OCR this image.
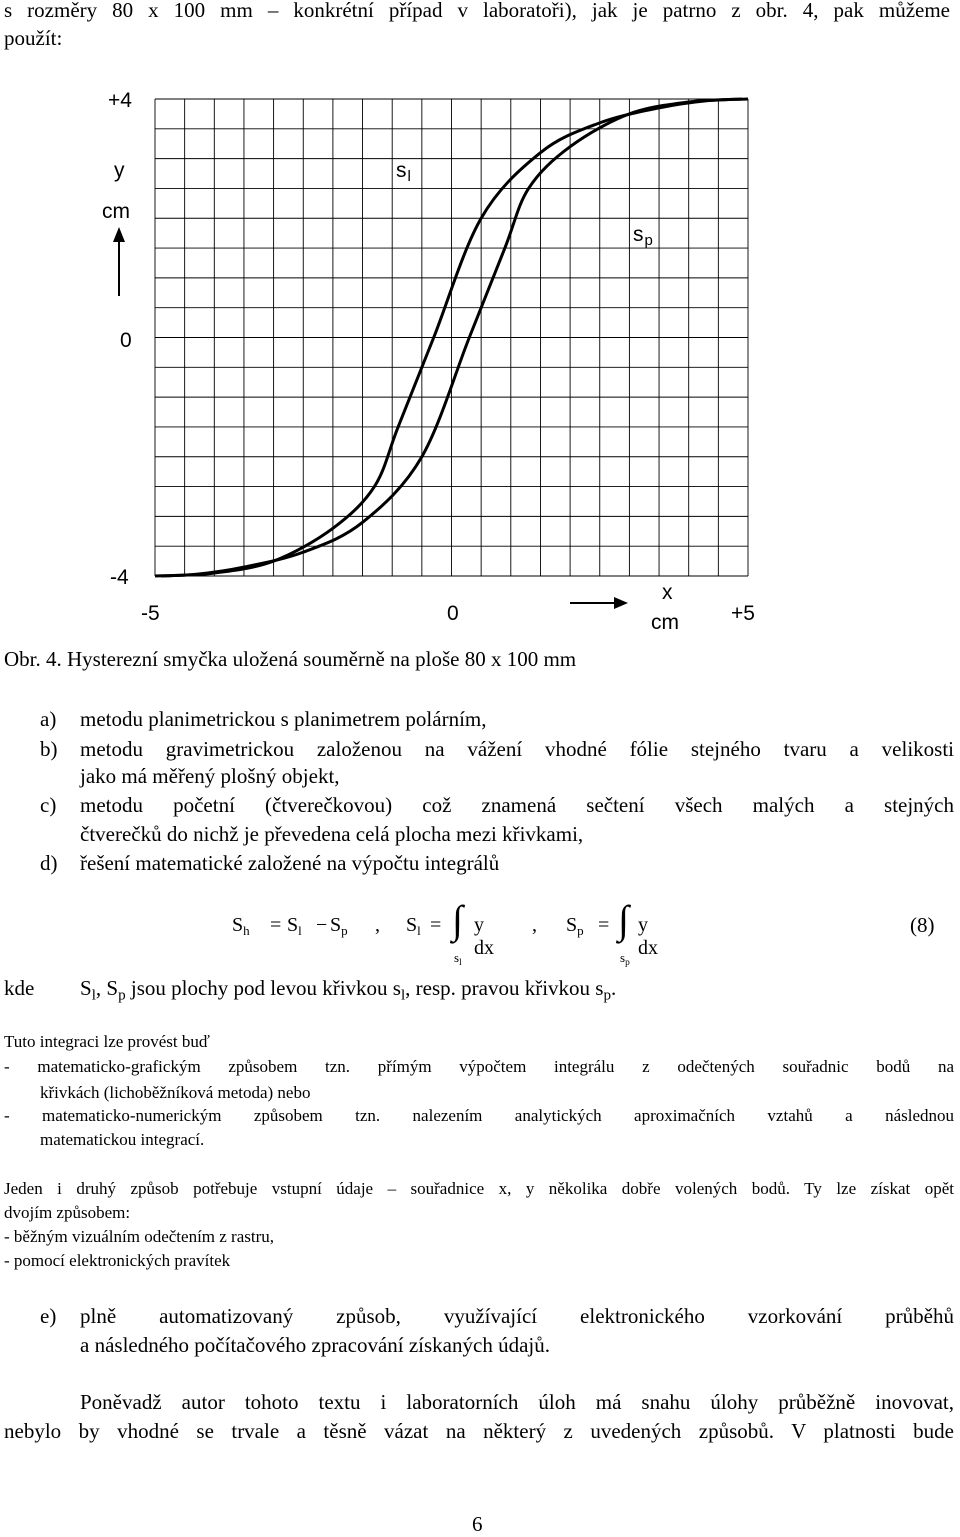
s rozměry 80 x 100 mm – konkrétní případ v laboratoři), jak je patrno z obr. 4, pak můžeme
použít:
+4
0
-4
-5	0	+5
y
cm
x
cm
sl
sp
Obr. 4. Hysterezní smyčka uložená souměrně na ploše 80 x 100 mm
a) metodu planimetrickou s planimetrem polárním,
b) metodu gravimetrickou založenou na vážení vhodné fólie stejného tvaru a velikosti
jako má měřený plošný objekt,
c) metodu početní (čtverečkovou) což znamená sečtení všech malých a stejných
čtverečků do nichž je převedena celá plocha mezi křivkami,
d) řešení matematické založené na výpočtu integrálů
$S_h = S_l - S_p$ , $S_l$ = ∫
$s_l$
y dx
, $S_p$ = ∫
$s_p$
y dx
(8)
kde $S_l$, $S_p$ jsou plochy pod levou křivkou $s_l$, resp. pravou křivkou $s_p$.
Tuto integraci lze provést buď
- matematicko-grafickým způsobem tzn. přímým výpočtem integrálu z odečtených souřadnic bodů na
křivkách (lichoběžníková metoda) nebo
- matematicko-numerickým způsobem tzn. nalezením analytických aproximačních vztahů a následnou
matematickou integrací.
Jeden i druhý způsob potřebuje vstupní údaje – souřadnice x, y několika dobře volených bodů. Ty lze získat opět
dvojím způsobem:
- běžným vizuálním odečtením z rastru,
- pomocí elektronických pravítek
e) plně automatizovaný způsob, využívající elektronického vzorkování průběhů
a následného počítačového zpracování získaných údajů.
Poněvadž autor tohoto textu i laboratorních úloh má snahu úlohy průběžně inovovat,
nebylo by vhodné se trvale a těsně vázat na některý z uvedených způsobů. V platnosti bude
6
